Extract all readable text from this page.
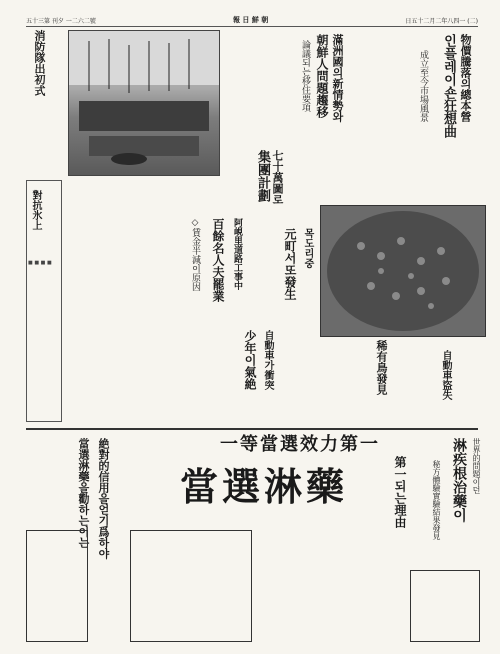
五十三第 刊夕 一二六二號	報 日 鮮 朝	日五十二月二年八四一 (二)
消防隊出初式
對抗氷上
■ ■ ■ ■
滿洲國의新情勢와
朝鮮人問題趨移
論議되는移住要項	物價騰落의總本營
인플레이숀狂想曲
成立至今市場風景
七十萬圖로
集團計劃
阿峴里道路工事中
百餘名人夫罷業
◇賃金半減이原因	목도리중
元町서또發生
自動車가衝突
少年이氣絶	稀有鳥發見	自動車盜失
一等當選
當選淋藥
效力第一	淋疾根治藥이 世界的問題이던
秘方體驗實驗結果發見
第一되는理由
絶對的信用을얻기爲하야
當選淋藥을勸하는이는
